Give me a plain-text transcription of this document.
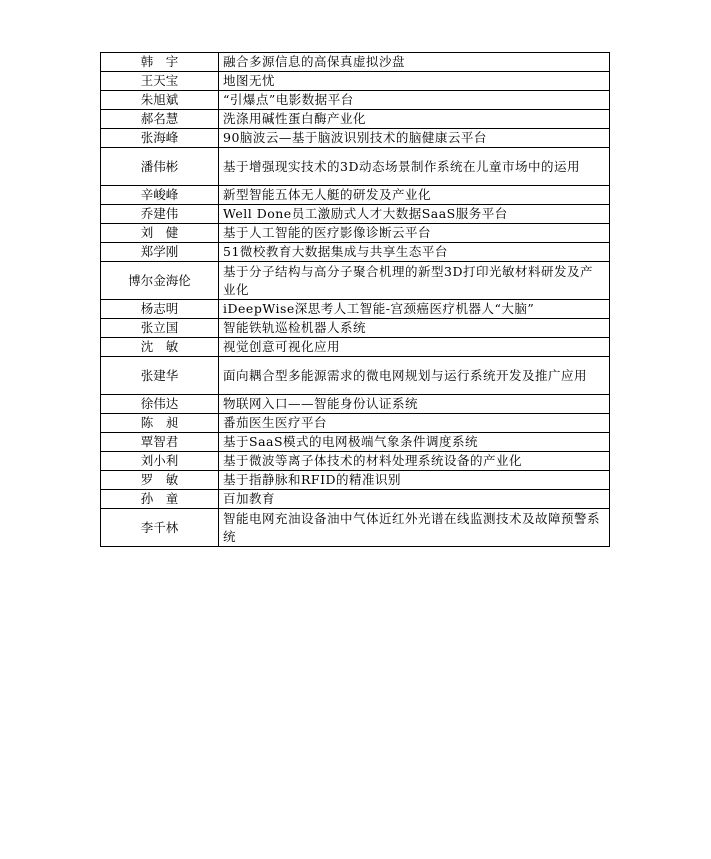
韩　宇	融合多源信息的高保真虚拟沙盘
王天宝	地图无忧
朱旭斌	“引爆点”电影数据平台
郝名慧	洗涤用碱性蛋白酶产业化
张海峰	90脑波云—基于脑波识别技术的脑健康云平台
潘伟彬	基于增强现实技术的3D动态场景制作系统在儿童市场中的运用
辛峻峰	新型智能五体无人艇的研发及产业化
乔建伟	Well Done员工激励式人才大数据SaaS服务平台
刘　健	基于人工智能的医疗影像诊断云平台
郑学刚	51微校教育大数据集成与共享生态平台
博尔金海伦	基于分子结构与高分子聚合机理的新型3D打印光敏材料研发及产业化
杨志明	iDeepWise深思考人工智能-宫颈癌医疗机器人“大脑”
张立国	智能铁轨巡检机器人系统
沈　敏	视觉创意可视化应用
张建华	面向耦合型多能源需求的微电网规划与运行系统开发及推广应用
徐伟达	物联网入口——智能身份认证系统
陈　昶	番茄医生医疗平台
覃智君	基于SaaS模式的电网极端气象条件调度系统
刘小利	基于微波等离子体技术的材料处理系统设备的产业化
罗　敏	基于指静脉和RFID的精准识别
孙　童	百加教育
李千林	智能电网充油设备油中气体近红外光谱在线监测技术及故障预警系统
